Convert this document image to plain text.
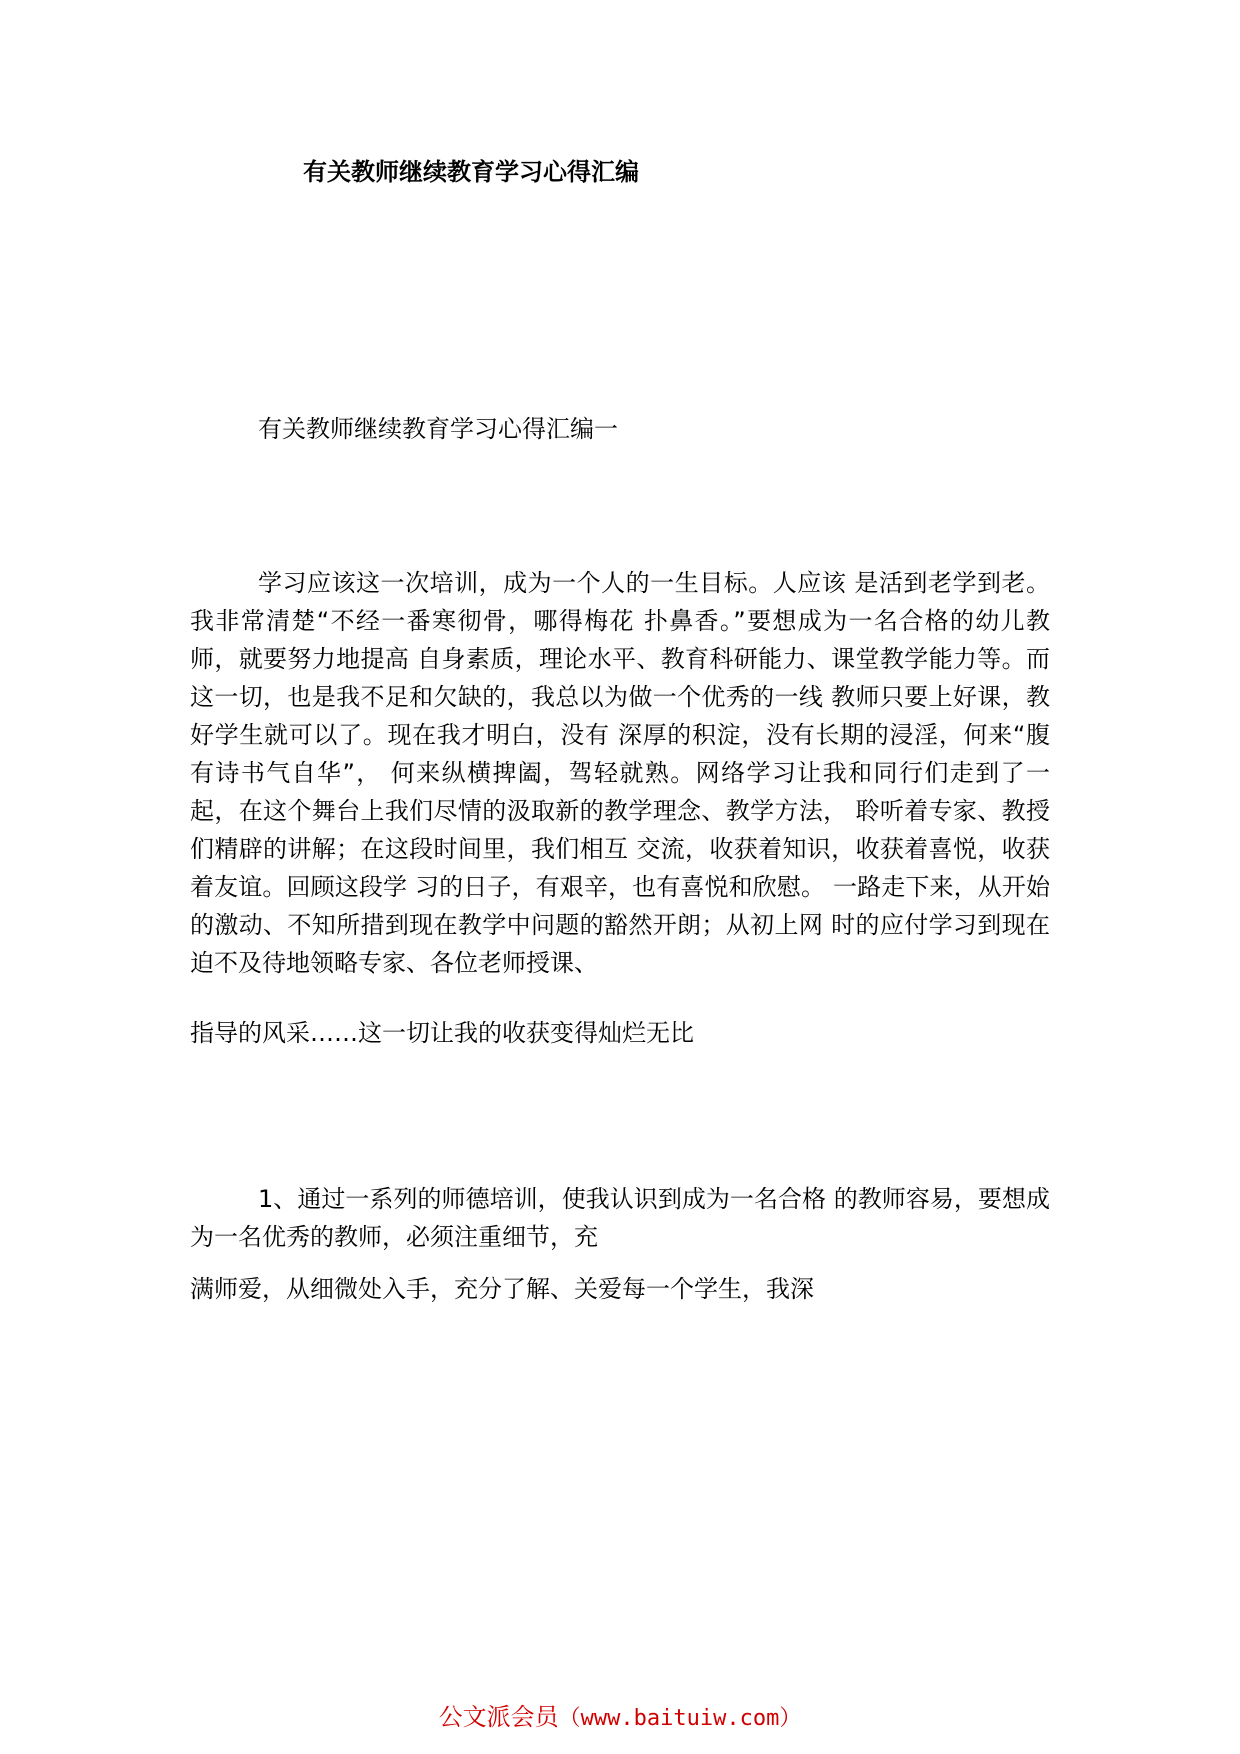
有关教师继续教育学习心得汇编
有关教师继续教育学习心得汇编一

学习应该这一次培训，成为一个人的一生目标。人应该 是活到老学到老。我非常清楚“不经一番寒彻骨，哪得梅花 扑鼻香。”要想成为一名合格的幼儿教师，就要努力地提高 自身素质，理论水平、教育科研能力、课堂教学能力等。而 这一切，也是我不足和欠缺的，我总以为做一个优秀的一线 教师只要上好课，教好学生就可以了。现在我才明白，没有 深厚的积淀，没有长期的浸淫，何来“腹有诗书气自华”， 何来纵横捭阖，驾轻就熟。网络学习让我和同行们走到了一 起，在这个舞台上我们尽情的汲取新的教学理念、教学方法， 聆听着专家、教授们精辟的讲解；在这段时间里，我们相互 交流，收获着知识，收获着喜悦，收获着友谊。回顾这段学 习的日子，有艰辛，也有喜悦和欣慰。 一路走下来，从开始 的激动、不知所措到现在教学中问题的豁然开朗；从初上网 时的应付学习到现在迫不及待地领略专家、各位老师授课、

指导的风采……这一切让我的收获变得灿烂无比

1、通过一系列的师德培训，使我认识到成为一名合格 的教师容易，要想成为一名优秀的教师，必须注重细节，充

满师爱，从细微处入手，充分了解、关爱每一个学生，我深

公文派会员（www.baituiw.com）
